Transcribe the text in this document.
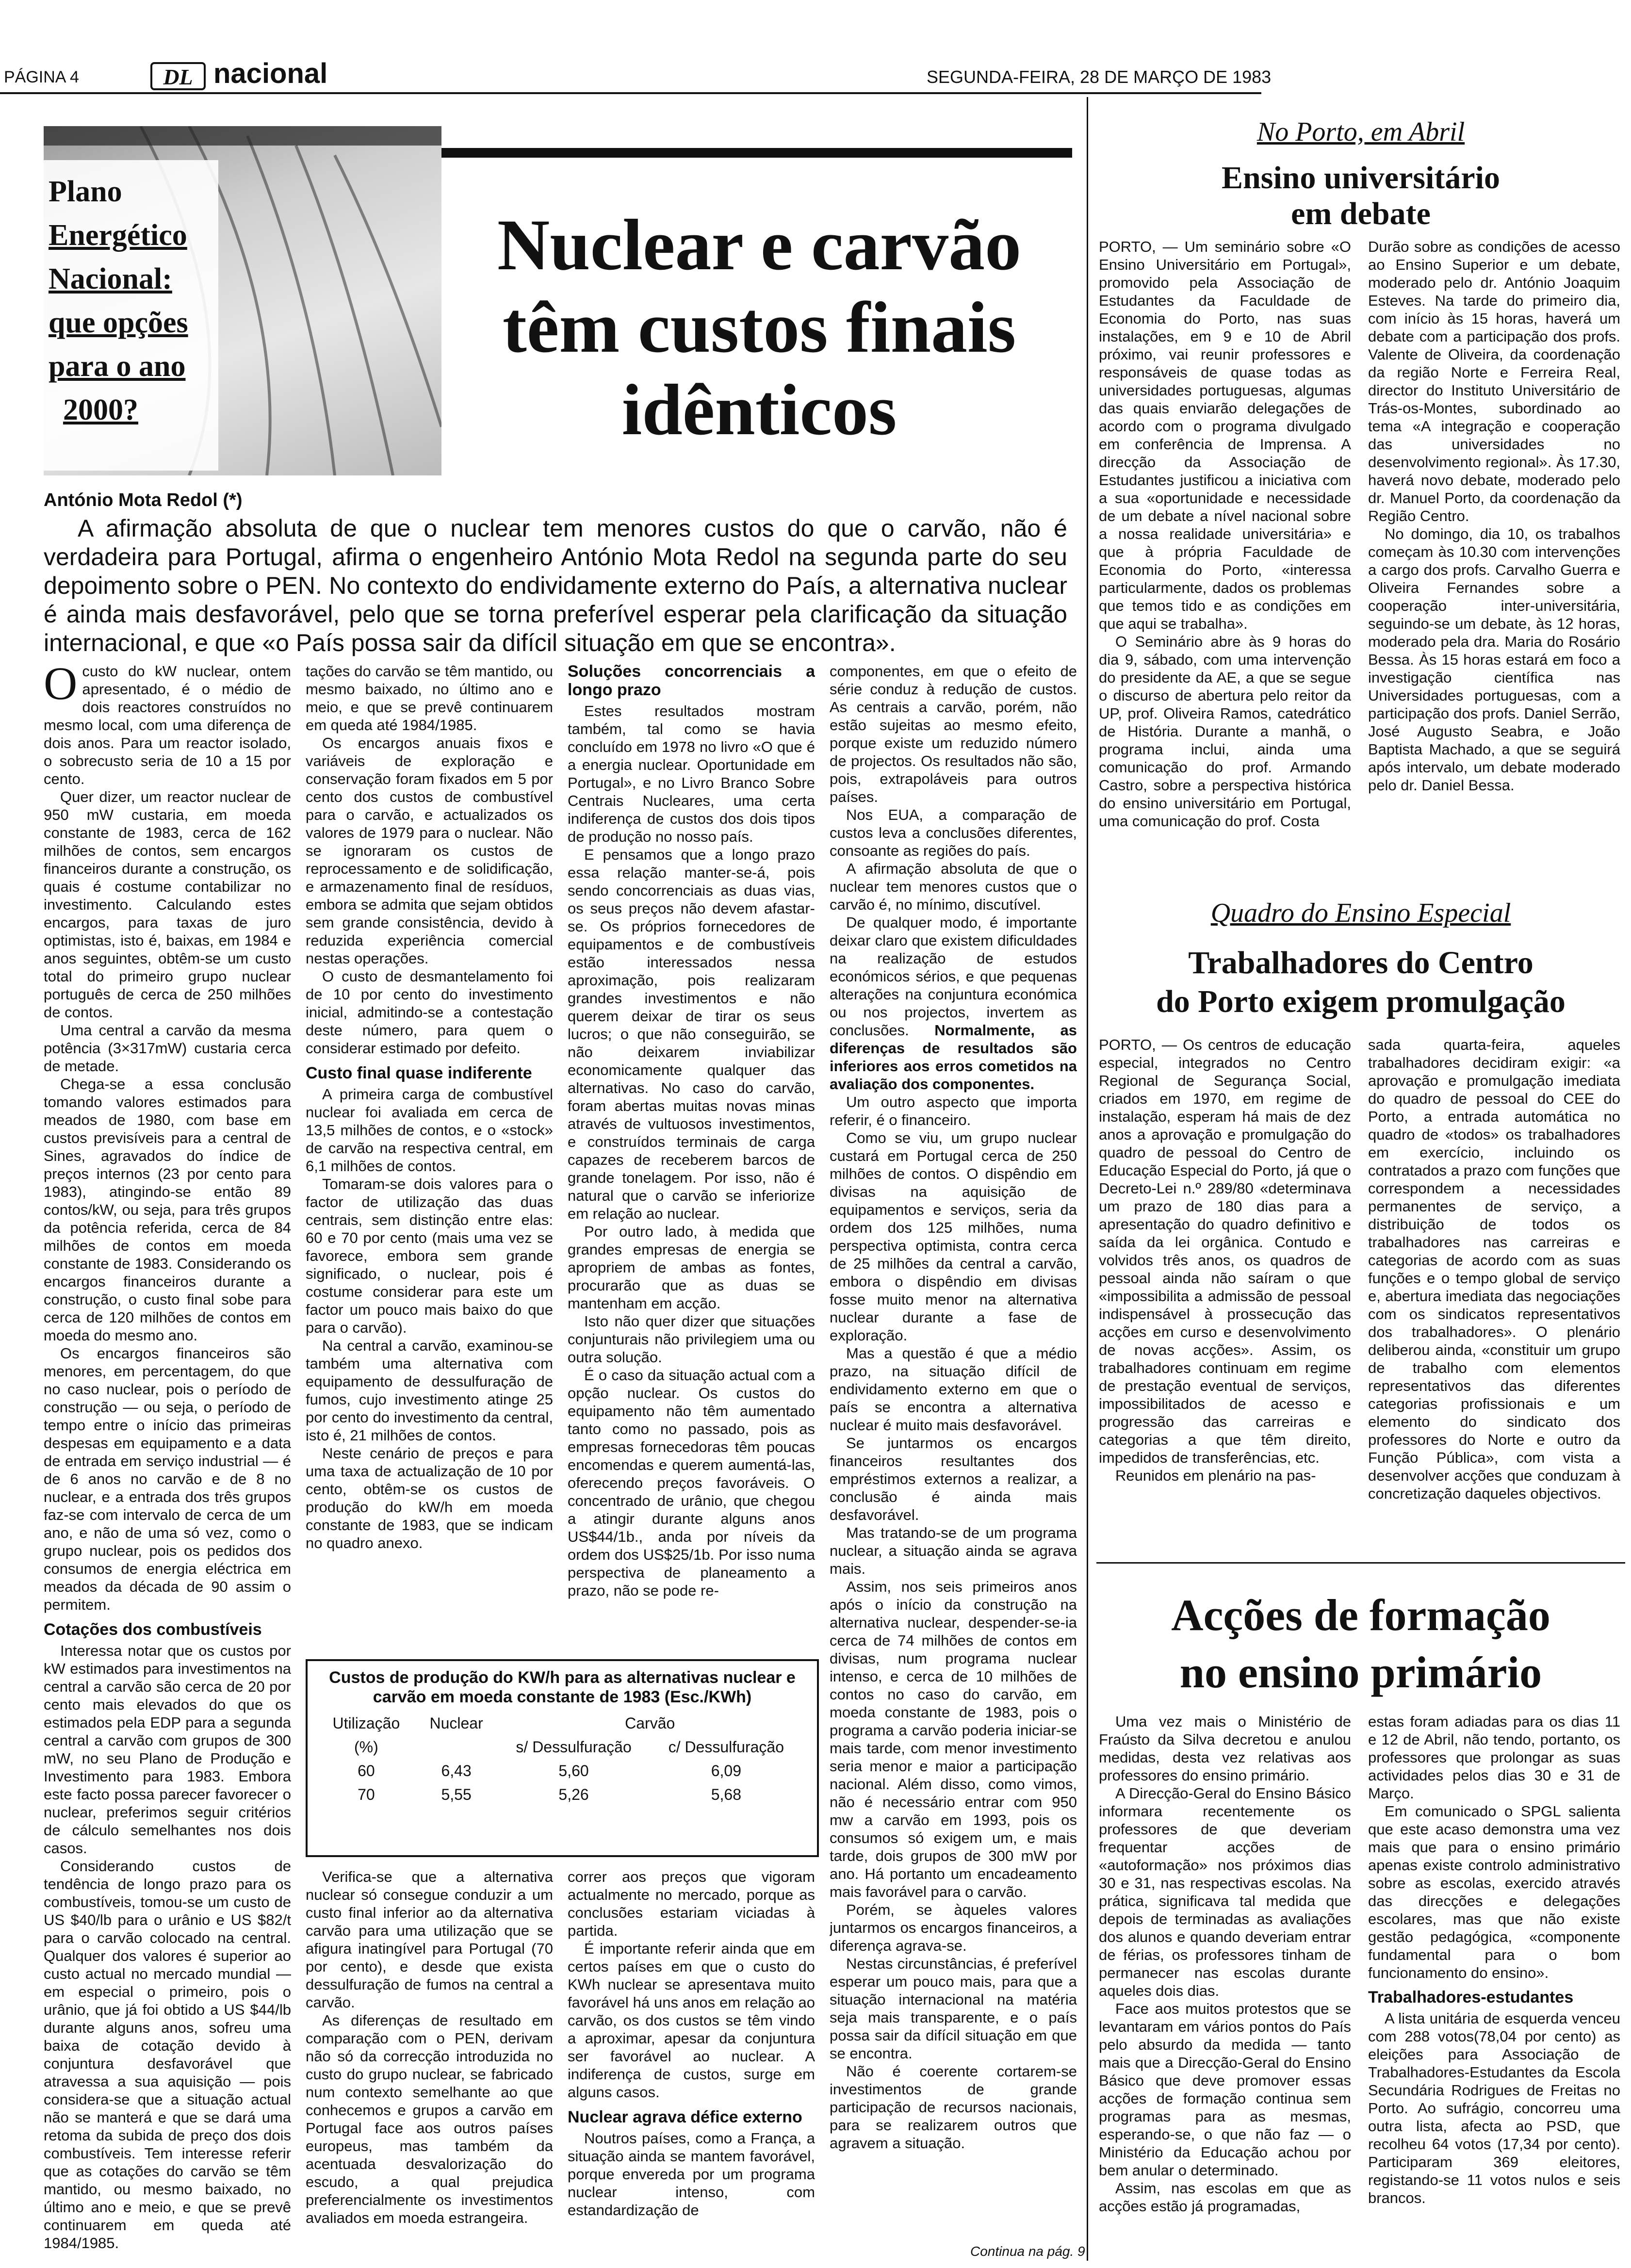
PÁGINA 4	DL nacional	SEGUNDA-FEIRA, 28 DE MARÇO DE 1983
Plano
Energético
Nacional:
que opções
para o ano
2000?
Nuclear e carvão
têm custos finais
idênticos
António Mota Redol (*)
A afirmação absoluta de que o nuclear tem menores custos do que o carvão, não é verdadeira para Portugal, afirma o engenheiro António Mota Redol na segunda parte do seu depoimento sobre o PEN. No contexto do endividamente externo do País, a alternativa nuclear é ainda mais desfavorável, pelo que se torna preferível esperar pela clarificação da situação internacional, e que «o País possa sair da difícil situação em que se encontra».
O custo do kW nuclear, ontem apresentado, é o médio de dois reactores construídos no mesmo local, com uma diferença de dois anos. Para um reactor isolado, o sobrecusto seria de 10 a 15 por cento.

Quer dizer, um reactor nuclear de 950 mW custaria, em moeda constante de 1983, cerca de 162 milhões de contos, sem encargos financeiros durante a construção, os quais é costume contabilizar no investimento. Calculando estes encargos, para taxas de juro optimistas, isto é, baixas, em 1984 e anos seguintes, obtêm-se um custo total do primeiro grupo nuclear português de cerca de 250 milhões de contos.

Uma central a carvão da mesma potência (3×317mW) custaria cerca de metade.

Chega-se a essa conclusão tomando valores estimados para meados de 1980, com base em custos previsíveis para a central de Sines, agravados do índice de preços internos (23 por cento para 1983), atingindo-se então 89 contos/kW, ou seja, para três grupos da potência referida, cerca de 84 milhões de contos em moeda constante de 1983. Considerando os encargos financeiros durante a construção, o custo final sobe para cerca de 120 milhões de contos em moeda do mesmo ano.

Os encargos financeiros são menores, em percentagem, do que no caso nuclear, pois o período de construção — ou seja, o período de tempo entre o início das primeiras despesas em equipamento e a data de entrada em serviço industrial — é de 6 anos no carvão e de 8 no nuclear, e a entrada dos três grupos faz-se com intervalo de cerca de um ano, e não de uma só vez, como o grupo nuclear, pois os pedidos dos consumos de energia eléctrica em meados da década de 90 assim o permitem.

Cotações dos combustíveis

Interessa notar que os custos por kW estimados para investimentos na central a carvão são cerca de 20 por cento mais elevados do que os estimados pela EDP para a segunda central a carvão com grupos de 300 mW, no seu Plano de Produção e Investimento para 1983. Embora este facto possa parecer favorecer o nuclear, preferimos seguir critérios de cálculo semelhantes nos dois casos.

Considerando custos de tendência de longo prazo para os combustíveis, tomou-se um custo de US $40/lb para o urânio e US $82/t para o carvão colocado na central. Qualquer dos valores é superior ao custo actual no mercado mundial — em especial o primeiro, pois o urânio, que já foi obtido a US $44/lb durante alguns anos, sofreu uma baixa de cotação devido à conjuntura desfavorável que atravessa a sua aquisição — pois considera-se que a situação actual não se manterá e que se dará uma retoma da subida de preço dos dois combustíveis. Tem interesse referir que as cotações do carvão se têm mantido, ou mesmo baixado, no último ano e meio, e que se prevê continuarem em queda até 1984/1985.

tações do carvão se têm mantido, ou mesmo baixado, no último ano e meio, e que se prevê continuarem em queda até 1984/1985.

Os encargos anuais fixos e variáveis de exploração e conservação foram fixados em 5 por cento dos custos de combustível para o carvão, e actualizados os valores de 1979 para o nuclear. Não se ignoraram os custos de reprocessamento e de solidificação, e armazenamento final de resíduos, embora se admita que sejam obtidos sem grande consistência, devido à reduzida experiência comercial nestas operações.

O custo de desmantelamento foi de 10 por cento do investimento inicial, admitindo-se a contestação deste número, para quem o considerar estimado por defeito.

Custo final quase indiferente

A primeira carga de combustível nuclear foi avaliada em cerca de 13,5 milhões de contos, e o «stock» de carvão na respectiva central, em 6,1 milhões de contos.

Tomaram-se dois valores para o factor de utilização das duas centrais, sem distinção entre elas: 60 e 70 por cento (mais uma vez se favorece, embora sem grande significado, o nuclear, pois é costume considerar para este um factor um pouco mais baixo do que para o carvão).

Na central a carvão, examinou-se também uma alternativa com equipamento de dessulfuração de fumos, cujo investimento atinge 25 por cento do investimento da central, isto é, 21 milhões de contos.

Neste cenário de preços e para uma taxa de actualização de 10 por cento, obtêm-se os custos de produção do kW/h em moeda constante de 1983, que se indicam no quadro anexo.

Soluções concorrenciais a longo prazo

Estes resultados mostram também, tal como se havia concluído em 1978 no livro «O que é a energia nuclear. Oportunidade em Portugal», e no Livro Branco Sobre Centrais Nucleares, uma certa indiferença de custos dos dois tipos de produção no nosso país.

E pensamos que a longo prazo essa relação manter-se-á, pois sendo concorrenciais as duas vias, os seus preços não devem afastar-se. Os próprios fornecedores de equipamentos e de combustíveis estão interessados nessa aproximação, pois realizaram grandes investimentos e não querem deixar de tirar os seus lucros; o que não conseguirão, se não deixarem inviabilizar economicamente qualquer das alternativas. No caso do carvão, foram abertas muitas novas minas através de vultuosos investimentos, e construídos terminais de carga capazes de receberem barcos de grande tonelagem. Por isso, não é natural que o carvão se inferiorize em relação ao nuclear.

Por outro lado, à medida que grandes empresas de energia se apropriem de ambas as fontes, procurarão que as duas se mantenham em acção.

Isto não quer dizer que situações conjunturais não privilegiem uma ou outra solução.

É o caso da situação actual com a opção nuclear. Os custos do equipamento não têm aumentado tanto como no passado, pois as empresas fornecedoras têm poucas encomendas e querem aumentá-las, oferecendo preços favoráveis. O concentrado de urânio, que chegou a atingir durante alguns anos US$44/1b., anda por níveis da ordem dos US$25/1b. Por isso numa perspectiva de planeamento a prazo, não se pode re-

componentes, em que o efeito de série conduz à redução de custos. As centrais a carvão, porém, não estão sujeitas ao mesmo efeito, porque existe um reduzido número de projectos. Os resultados não são, pois, extrapoláveis para outros países.

Nos EUA, a comparação de custos leva a conclusões diferentes, consoante as regiões do país.

A afirmação absoluta de que o nuclear tem menores custos que o carvão é, no mínimo, discutível.

De qualquer modo, é importante deixar claro que existem dificuldades na realização de estudos económicos sérios, e que pequenas alterações na conjuntura económica ou nos projectos, invertem as conclusões. Normalmente, as diferenças de resultados são inferiores aos erros cometidos na avaliação dos componentes.

Um outro aspecto que importa referir, é o financeiro.

Como se viu, um grupo nuclear custará em Portugal cerca de 250 milhões de contos. O dispêndio em divisas na aquisição de equipamentos e serviços, seria da ordem dos 125 milhões, numa perspectiva optimista, contra cerca de 25 milhões da central a carvão, embora o dispêndio em divisas fosse muito menor na alternativa nuclear durante a fase de exploração.

Mas a questão é que a médio prazo, na situação difícil de endividamento externo em que o país se encontra a alternativa nuclear é muito mais desfavorável.

Se juntarmos os encargos financeiros resultantes dos empréstimos externos a realizar, a conclusão é ainda mais desfavorável.

Mas tratando-se de um programa nuclear, a situação ainda se agrava mais.

Assim, nos seis primeiros anos após o início da construção na alternativa nuclear, despender-se-ia cerca de 74 milhões de contos em divisas, num programa nuclear intenso, e cerca de 10 milhões de contos no caso do carvão, em moeda constante de 1983, pois o programa a carvão poderia iniciar-se mais tarde, com menor investimento seria menor e maior a participação nacional. Além disso, como vimos, não é necessário entrar com 950 mw a carvão em 1993, pois os consumos só exigem um, e mais tarde, dois grupos de 300 mW por ano. Há portanto um encadeamento mais favorável para o carvão.

Porém, se àqueles valores juntarmos os encargos financeiros, a diferença agrava-se.

Nestas circunstâncias, é preferível esperar um pouco mais, para que a situação internacional na matéria seja mais transparente, e o país possa sair da difícil situação em que se encontra.

Não é coerente cortarem-se investimentos de grande participação de recursos nacionais, para se realizarem outros que agravem a situação.

Continua na pág. 9
Custos de produção do KW/h para as alternativas nuclear e carvão em moeda constante de 1983 (Esc./KWh)
Utilização	Nuclear	Carvão	
(%)		s/ Dessulfuração	c/ Dessulfuração
60	6,43	5,60	6,09
70	5,55	5,26	5,68

Verifica-se que a alternativa nuclear só consegue conduzir a um custo final inferior ao da alternativa carvão para uma utilização que se afigura inatingível para Portugal (70 por cento), e desde que exista dessulfuração de fumos na central a carvão.

As diferenças de resultado em comparação com o PEN, derivam não só da correcção introduzida no custo do grupo nuclear, se fabricado num contexto semelhante ao que conhecemos e grupos a carvão em Portugal face aos outros países europeus, mas também da acentuada desvalorização do escudo, a qual prejudica preferencialmente os investimentos avaliados em moeda estrangeira.

correr aos preços que vigoram actualmente no mercado, porque as conclusões estariam viciadas à partida.

É importante referir ainda que em certos países em que o custo do KWh nuclear se apresentava muito favorável há uns anos em relação ao carvão, os dos custos se têm vindo a aproximar, apesar da conjuntura ser favorável ao nuclear. A indiferença de custos, surge em alguns casos.

Nuclear agrava défice externo

Noutros países, como a França, a situação ainda se mantem favorável, porque envereda por um programa nuclear intenso, com estandardização de

No Porto, em Abril
Ensino universitário
em debate

PORTO, — Um seminário sobre «O Ensino Universitário em Portugal», promovido pela Associação de Estudantes da Faculdade de Economia do Porto, nas suas instalações, em 9 e 10 de Abril próximo, vai reunir professores e responsáveis de quase todas as universidades portuguesas, algumas das quais enviarão delegações de acordo com o programa divulgado em conferência de Imprensa. A direcção da Associação de Estudantes justificou a iniciativa com a sua «oportunidade e necessidade de um debate a nível nacional sobre a nossa realidade universitária» e que à própria Faculdade de Economia do Porto, «interessa particularmente, dados os problemas que temos tido e as condições em que aqui se trabalha».

O Seminário abre às 9 horas do dia 9, sábado, com uma intervenção do presidente da AE, a que se segue o discurso de abertura pelo reitor da UP, prof. Oliveira Ramos, catedrático de História. Durante a manhã, o programa inclui, ainda uma comunicação do prof. Armando Castro, sobre a perspectiva histórica do ensino universitário em Portugal, uma comunicação do prof. Costa

Durão sobre as condições de acesso ao Ensino Superior e um debate, moderado pelo dr. António Joaquim Esteves. Na tarde do primeiro dia, com início às 15 horas, haverá um debate com a participação dos profs. Valente de Oliveira, da coordenação da região Norte e Ferreira Real, director do Instituto Universitário de Trás-os-Montes, subordinado ao tema «A integração e cooperação das universidades no desenvolvimento regional». Às 17.30, haverá novo debate, moderado pelo dr. Manuel Porto, da coordenação da Região Centro.

No domingo, dia 10, os trabalhos começam às 10.30 com intervenções a cargo dos profs. Carvalho Guerra e Oliveira Fernandes sobre a cooperação inter-universitária, seguindo-se um debate, às 12 horas, moderado pela dra. Maria do Rosário Bessa. Às 15 horas estará em foco a investigação científica nas Universidades portuguesas, com a participação dos profs. Daniel Serrão, José Augusto Seabra, e João Baptista Machado, a que se seguirá após intervalo, um debate moderado pelo dr. Daniel Bessa.

Quadro do Ensino Especial
Trabalhadores do Centro
do Porto exigem promulgação

PORTO, — Os centros de educação especial, integrados no Centro Regional de Segurança Social, criados em 1970, em regime de instalação, esperam há mais de dez anos a aprovação e promulgação do quadro de pessoal do Centro de Educação Especial do Porto, já que o Decreto-Lei n.º 289/80 «determinava um prazo de 180 dias para a apresentação do quadro definitivo e saída da lei orgânica. Contudo e volvidos três anos, os quadros de pessoal ainda não saíram o que «impossibilita a admissão de pessoal indispensável à prossecução das acções em curso e desenvolvimento de novas acções». Assim, os trabalhadores continuam em regime de prestação eventual de serviços, impossibilitados de acesso e progressão das carreiras e categorias a que têm direito, impedidos de transferências, etc.

Reunidos em plenário na pas-

sada quarta-feira, aqueles trabalhadores decidiram exigir: «a aprovação e promulgação imediata do quadro de pessoal do CEE do Porto, a entrada automática no quadro de «todos» os trabalhadores em exercício, incluindo os contratados a prazo com funções que correspondem a necessidades permanentes de serviço, a distribuição de todos os trabalhadores nas carreiras e categorias de acordo com as suas funções e o tempo global de serviço e, abertura imediata das negociações com os sindicatos representativos dos trabalhadores». O plenário deliberou ainda, «constituir um grupo de trabalho com elementos representativos das diferentes categorias profissionais e um elemento do sindicato dos professores do Norte e outro da Função Pública», com vista a desenvolver acções que conduzam à concretização daqueles objectivos.

Acções de formação
no ensino primário

Uma vez mais o Ministério de Fraústo da Silva decretou e anulou medidas, desta vez relativas aos professores do ensino primário.

A Direcção-Geral do Ensino Básico informara recentemente os professores de que deveriam frequentar acções de «autoformação» nos próximos dias 30 e 31, nas respectivas escolas. Na prática, significava tal medida que depois de terminadas as avaliações dos alunos e quando deveriam entrar de férias, os professores tinham de permanecer nas escolas durante aqueles dois dias.

Face aos muitos protestos que se levantaram em vários pontos do País pelo absurdo da medida — tanto mais que a Direcção-Geral do Ensino Básico que deve promover essas acções de formação continua sem programas para as mesmas, esperando-se, o que não faz — o Ministério da Educação achou por bem anular o determinado.

Assim, nas escolas em que as acções estão já programadas,

estas foram adiadas para os dias 11 e 12 de Abril, não tendo, portanto, os professores que prolongar as suas actividades pelos dias 30 e 31 de Março.

Em comunicado o SPGL salienta que este acaso demonstra uma vez mais que para o ensino primário apenas existe controlo administrativo sobre as escolas, exercido através das direcções e delegações escolares, mas que não existe gestão pedagógica, «componente fundamental para o bom funcionamento do ensino».

Trabalhadores-estudantes

A lista unitária de esquerda venceu com 288 votos(78,04 por cento) as eleições para Associação de Trabalhadores-Estudantes da Escola Secundária Rodrigues de Freitas no Porto. Ao sufrágio, concorreu uma outra lista, afecta ao PSD, que recolheu 64 votos (17,34 por cento). Participaram 369 eleitores, registando-se 11 votos nulos e seis brancos.
